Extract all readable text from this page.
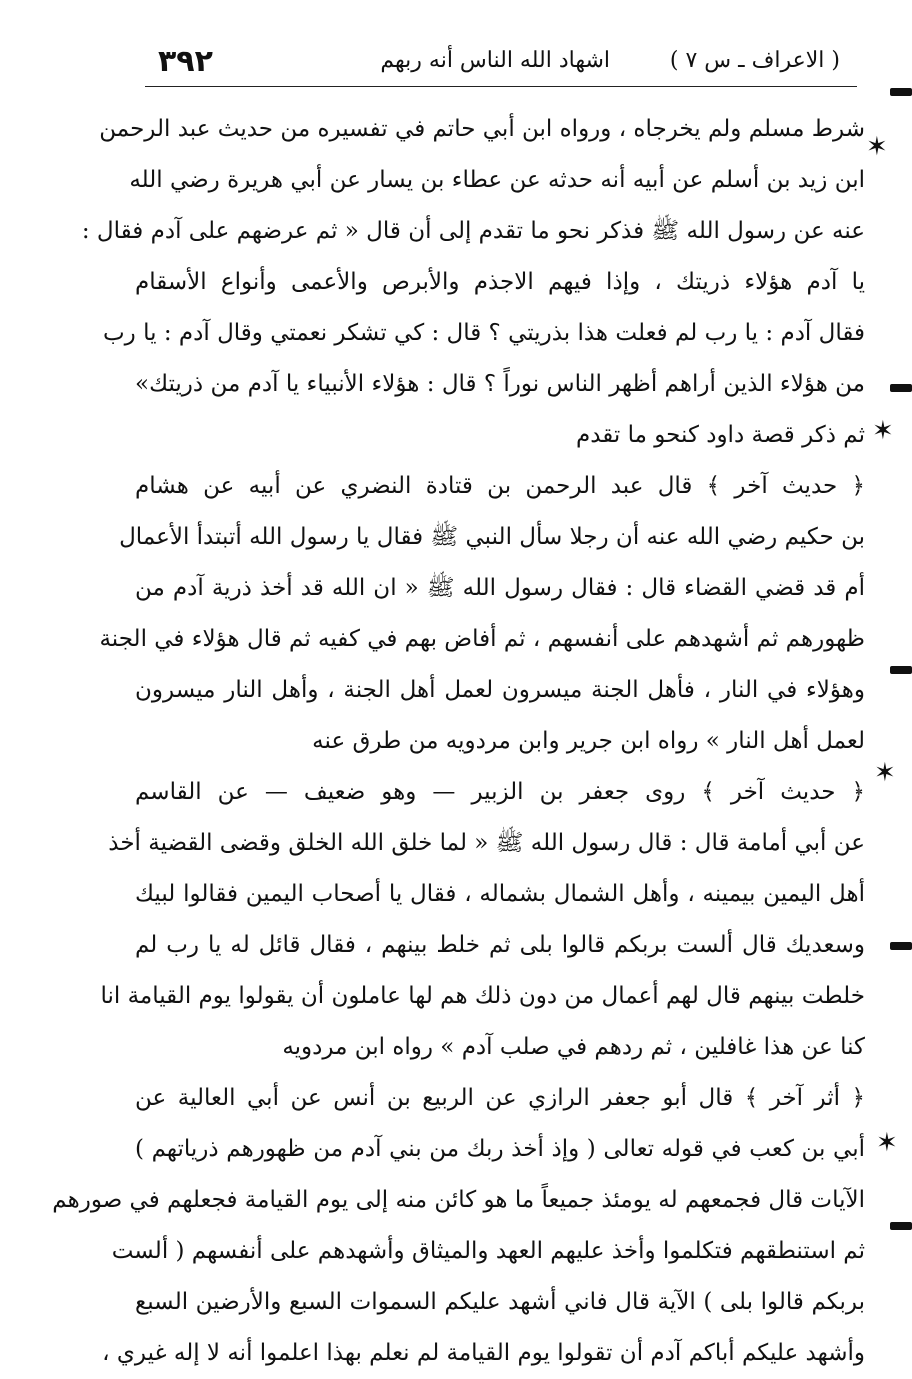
٣٩٢	( الاعراف ـ س ٧ )
اشهاد الله الناس أنه ربهم
شرط مسلم ولم يخرجاه ، ورواه ابن أبي حاتم في تفسيره من حديث عبد الرحمن
ابن زيد بن أسلم عن أبيه أنه حدثه عن عطاء بن يسار عن أبي هريرة رضي الله
عنه عن رسول الله ﷺ فذكر نحو ما تقدم إلى أن قال « ثم عرضهم على آدم فقال :
يا آدم هؤلاء ذريتك ، وإذا فيهم الاجذم والأبرص والأعمى وأنواع الأسقام
فقال آدم : يا رب لم فعلت هذا بذريتي ؟ قال : كي تشكر نعمتي وقال آدم : يا رب
من هؤلاء الذين أراهم أظهر الناس نوراً ؟ قال : هؤلاء الأنبياء يا آدم من ذريتك»
ثم ذكر قصة داود كنحو ما تقدم
﴿ حديث آخر ﴾ قال عبد الرحمن بن قتادة النضري عن أبيه عن هشام
بن حكيم رضي الله عنه أن رجلا سأل النبي ﷺ فقال يا رسول الله أتبتدأ الأعمال
أم قد قضي القضاء قال : فقال رسول الله ﷺ « ان الله قد أخذ ذرية آدم من
ظهورهم ثم أشهدهم على أنفسهم ، ثم أفاض بهم في كفيه ثم قال هؤلاء في الجنة
وهؤلاء في النار ، فأهل الجنة ميسرون لعمل أهل الجنة ، وأهل النار ميسرون
لعمل أهل النار » رواه ابن جرير وابن مردويه من طرق عنه
﴿ حديث آخر ﴾ روى جعفر بن الزبير — وهو ضعيف — عن القاسم
عن أبي أمامة قال : قال رسول الله ﷺ « لما خلق الله الخلق وقضى القضية أخذ
أهل اليمين بيمينه ، وأهل الشمال بشماله ، فقال يا أصحاب اليمين فقالوا لبيك
وسعديك قال ألست بربكم قالوا بلى ثم خلط بينهم ، فقال قائل له يا رب لم
خلطت بينهم قال لهم أعمال من دون ذلك هم لها عاملون أن يقولوا يوم القيامة انا
كنا عن هذا غافلين ، ثم ردهم في صلب آدم » رواه ابن مردويه
﴿ أثر آخر ﴾ قال أبو جعفر الرازي عن الربيع بن أنس عن أبي العالية عن
أبي بن كعب في قوله تعالى ( وإذ أخذ ربك من بني آدم من ظهورهم ذرياتهم )
الآيات قال فجمعهم له يومئذ جميعاً ما هو كائن منه إلى يوم القيامة فجعلهم في صورهم
ثم استنطقهم فتكلموا وأخذ عليهم العهد والميثاق وأشهدهم على أنفسهم ( ألست
بربكم قالوا بلى ) الآية قال فاني أشهد عليكم السموات السبع والأرضين السبع
وأشهد عليكم أباكم آدم أن تقولوا يوم القيامة لم نعلم بهذا اعلموا أنه لا إله غيري ،
✶
✶
✶
✶
